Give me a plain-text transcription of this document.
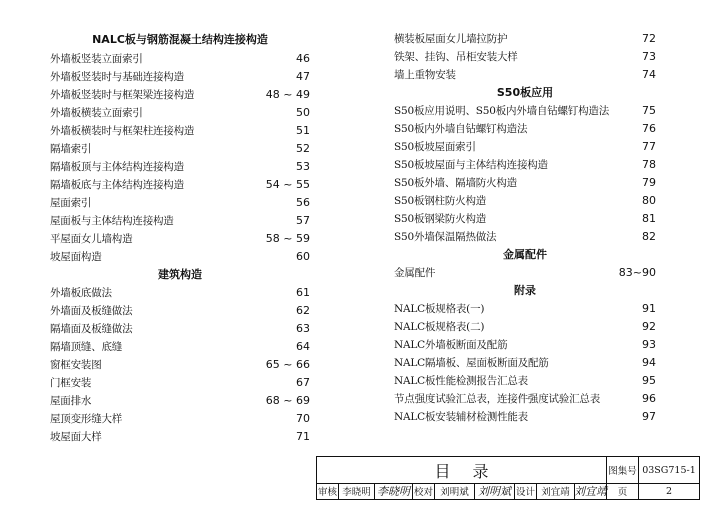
NALC板与钢筋混凝土结构连接构造
外墙板竖装立面索引	46
外墙板竖装时与基础连接构造	47
外墙板竖装时与框架梁连接构造	48 ~ 49
外墙板横装立面索引	50
外墙板横装时与框架柱连接构造	51
隔墙索引	52
隔墙板顶与主体结构连接构造	53
隔墙板底与主体结构连接构造	54 ~ 55
屋面索引	56
屋面板与主体结构连接构造	57
平屋面女儿墙构造	58 ~ 59
坡屋面构造	60
建筑构造
外墙板底做法	61
外墙面及板缝做法	62
隔墙面及板缝做法	63
隔墙顶缝、底缝	64
窗框安装图	65 ~ 66
门框安装	67
屋面排水	68 ~ 69
屋顶变形缝大样	70
坡屋面大样	71
横装板屋面女儿墙拉防护	72
铁架、挂钩、吊柜安装大样	73
墙上重物安装	74
S50板应用
S50板应用说明、S50板内外墙自钻螺钉构造法	75
S50板内外墙自钻螺钉构造法	76
S50板坡屋面索引	77
S50板坡屋面与主体结构连接构造	78
S50板外墙、隔墙防火构造	79
S50板钢柱防火构造	80
S50板钢梁防火构造	81
S50外墙保温隔热做法	82
金属配件
金属配件	83~90
附录
NALC板规格表(一)	91
NALC板规格表(二)	92
NALC外墙板断面及配筋	93
NALC隔墙板、屋面板断面及配筋	94
NALC板性能检测报告汇总表	95
节点强度试验汇总表，连接件强度试验汇总表	96
NALC板安装辅材检测性能表	97
目录	图集号 03SG715-1
审核 李晓明 李晓明 校对 刘明斌 刘明斌 设计 刘宜靖 刘宜靖	页	2
